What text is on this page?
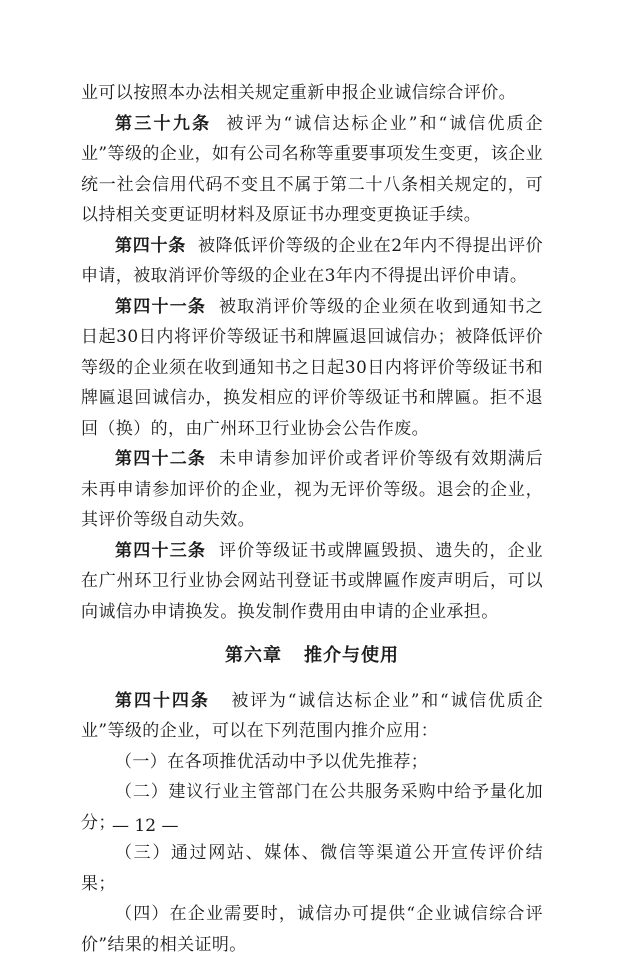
业可以按照本办法相关规定重新申报企业诚信综合评价。

第三十九条 被评为“诚信达标企业”和“诚信优质企业”等级的企业，如有公司名称等重要事项发生变更，该企业统一社会信用代码不变且不属于第二十八条相关规定的，可以持相关变更证明材料及原证书办理变更换证手续。

第四十条 被降低评价等级的企业在2年内不得提出评价申请，被取消评价等级的企业在3年内不得提出评价申请。

第四十一条 被取消评价等级的企业须在收到通知书之日起30日内将评价等级证书和牌匾退回诚信办；被降低评价等级的企业须在收到通知书之日起30日内将评价等级证书和牌匾退回诚信办，换发相应的评价等级证书和牌匾。拒不退回（换）的，由广州环卫行业协会公告作废。

第四十二条 未申请参加评价或者评价等级有效期满后未再申请参加评价的企业，视为无评价等级。退会的企业，其评价等级自动失效。

第四十三条 评价等级证书或牌匾毁损、遗失的，企业在广州环卫行业协会网站刊登证书或牌匾作废声明后，可以向诚信办申请换发。换发制作费用由申请的企业承担。

第六章 推介与使用

第四十四条 被评为“诚信达标企业”和“诚信优质企业”等级的企业，可以在下列范围内推介应用：

（一）在各项推优活动中予以优先推荐；

（二）建议行业主管部门在公共服务采购中给予量化加分；

（三）通过网站、媒体、微信等渠道公开宣传评价结果；

（四）在企业需要时，诚信办可提供“企业诚信综合评价”结果的相关证明。

— 12 —
